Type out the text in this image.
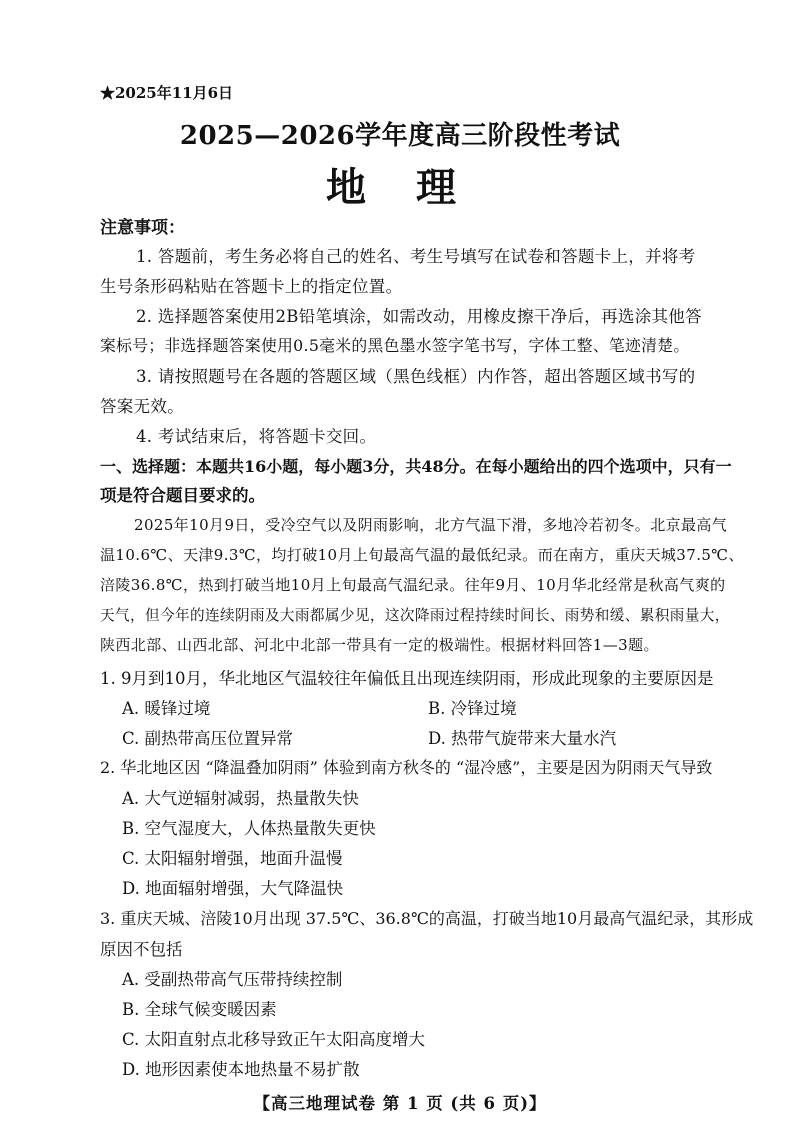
★2025年11月6日
2025—2026学年度高三阶段性考试
地 理
注意事项：
1. 答题前，考生务必将自己的姓名、考生号填写在试卷和答题卡上，并将考
生号条形码粘贴在答题卡上的指定位置。
2. 选择题答案使用2B铅笔填涂，如需改动，用橡皮擦干净后，再选涂其他答
案标号；非选择题答案使用0.5毫米的黑色墨水签字笔书写，字体工整、笔迹清楚。
3. 请按照题号在各题的答题区域（黑色线框）内作答，超出答题区域书写的
答案无效。
4. 考试结束后，将答题卡交回。
一、选择题：本题共16小题，每小题3分，共48分。在每小题给出的四个选项中，只有一
项是符合题目要求的。
2025年10月9日，受冷空气以及阴雨影响，北方气温下滑，多地冷若初冬。北京最高气
温10.6℃、天津9.3℃，均打破10月上旬最高气温的最低纪录。而在南方，重庆天城37.5℃、
涪陵36.8℃，热到打破当地10月上旬最高气温纪录。往年9月、10月华北经常是秋高气爽的
天气，但今年的连续阴雨及大雨都属少见，这次降雨过程持续时间长、雨势和缓、累积雨量大，
陕西北部、山西北部、河北中北部一带具有一定的极端性。根据材料回答1—3题。
1. 9月到10月，华北地区气温较往年偏低且出现连续阴雨，形成此现象的主要原因是
A. 暖锋过境	B. 冷锋过境
C. 副热带高压位置异常	D. 热带气旋带来大量水汽
2. 华北地区因 “降温叠加阴雨” 体验到南方秋冬的 “湿冷感”，主要是因为阴雨天气导致
A. 大气逆辐射减弱，热量散失快
B. 空气湿度大，人体热量散失更快
C. 太阳辐射增强，地面升温慢
D. 地面辐射增强，大气降温快
3. 重庆天城、涪陵10月出现 37.5℃、36.8℃的高温，打破当地10月最高气温纪录，其形成
原因不包括
A. 受副热带高气压带持续控制
B. 全球气候变暖因素
C. 太阳直射点北移导致正午太阳高度增大
D. 地形因素使本地热量不易扩散
【高三地理试卷 第 1 页 (共 6 页)】
